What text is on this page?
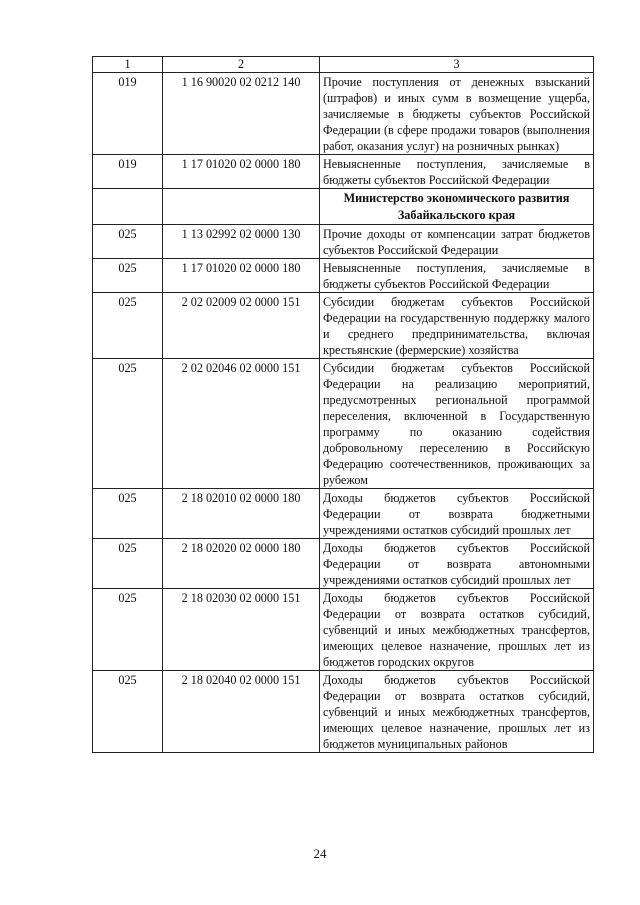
1	2	3
019	1 16 90020 02 0212 140	Прочие поступления от денежных взысканий (штрафов) и иных сумм в возмещение ущерба, зачисляемые в бюджеты субъектов Российской Федерации (в сфере продажи товаров (выполнения работ, оказания услуг) на розничных рынках)
019	1 17 01020 02 0000 180	Невыясненные поступления, зачисляемые в бюджеты субъектов Российской Федерации
		Министерство экономического развития Забайкальского края
025	1 13 02992 02 0000 130	Прочие доходы от компенсации затрат бюджетов субъектов Российской Федерации
025	1 17 01020 02 0000 180	Невыясненные поступления, зачисляемые в бюджеты субъектов Российской Федерации
025	2 02 02009 02 0000 151	Субсидии бюджетам субъектов Российской Федерации на государственную поддержку малого и среднего предпринимательства, включая крестьянские (фермерские) хозяйства
025	2 02 02046 02 0000 151	Субсидии бюджетам субъектов Российской Федерации на реализацию мероприятий, предусмотренных региональной программой переселения, включенной в Государственную программу по оказанию содействия добровольному переселению в Российскую Федерацию соотечественников, проживающих за рубежом
025	2 18 02010 02 0000 180	Доходы бюджетов субъектов Российской Федерации от возврата бюджетными учреждениями остатков субсидий прошлых лет
025	2 18 02020 02 0000 180	Доходы бюджетов субъектов Российской Федерации от возврата автономными учреждениями остатков субсидий прошлых лет
025	2 18 02030 02 0000 151	Доходы бюджетов субъектов Российской Федерации от возврата остатков субсидий, субвенций и иных межбюджетных трансфертов, имеющих целевое назначение, прошлых лет из бюджетов городских округов
025	2 18 02040 02 0000 151	Доходы бюджетов субъектов Российской Федерации от возврата остатков субсидий, субвенций и иных межбюджетных трансфертов, имеющих целевое назначение, прошлых лет из бюджетов муниципальных районов
24
